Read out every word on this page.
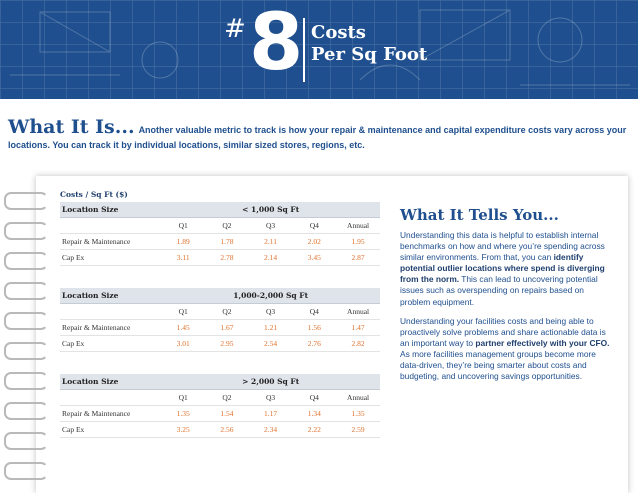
# 8 Costs
Per Sq Foot
What It Is... Another valuable metric to track is how your repair & maintenance and capital expenditure costs vary across your locations. You can track it by individual locations, similar sized stores, regions, etc.
Costs / Sq Ft ($)
Location Size	< 1,000 Sq Ft				
	Q1	Q2	Q3	Q4	Annual
Repair & Maintenance	1.89	1.78	2.11	2.02	1.95
Cap Ex	3.11	2.78	2.14	3.45	2.87
Location Size	1,000-2,000 Sq Ft				
	Q1	Q2	Q3	Q4	Annual
Repair & Maintenance	1.45	1.67	1.21	1.56	1.47
Cap Ex	3.01	2.95	2.54	2.76	2.82
Location Size	> 2,000 Sq Ft				
	Q1	Q2	Q3	Q4	Annual
Repair & Maintenance	1.35	1.54	1.17	1.34	1.35
Cap Ex	3.25	2.56	2.34	2.22	2.59
What It Tells You...

Understanding this data is helpful to establish internal benchmarks on how and where you’re spending across similar environments. From that, you can identify potential outlier locations where spend is diverging from the norm. This can lead to uncovering potential issues such as overspending on repairs based on problem equipment.

Understanding your facilities costs and being able to proactively solve problems and share actionable data is an important way to partner effectively with your CFO. As more facilities management groups become more data-driven, they’re being smarter about costs and budgeting, and uncovering savings opportunities.
